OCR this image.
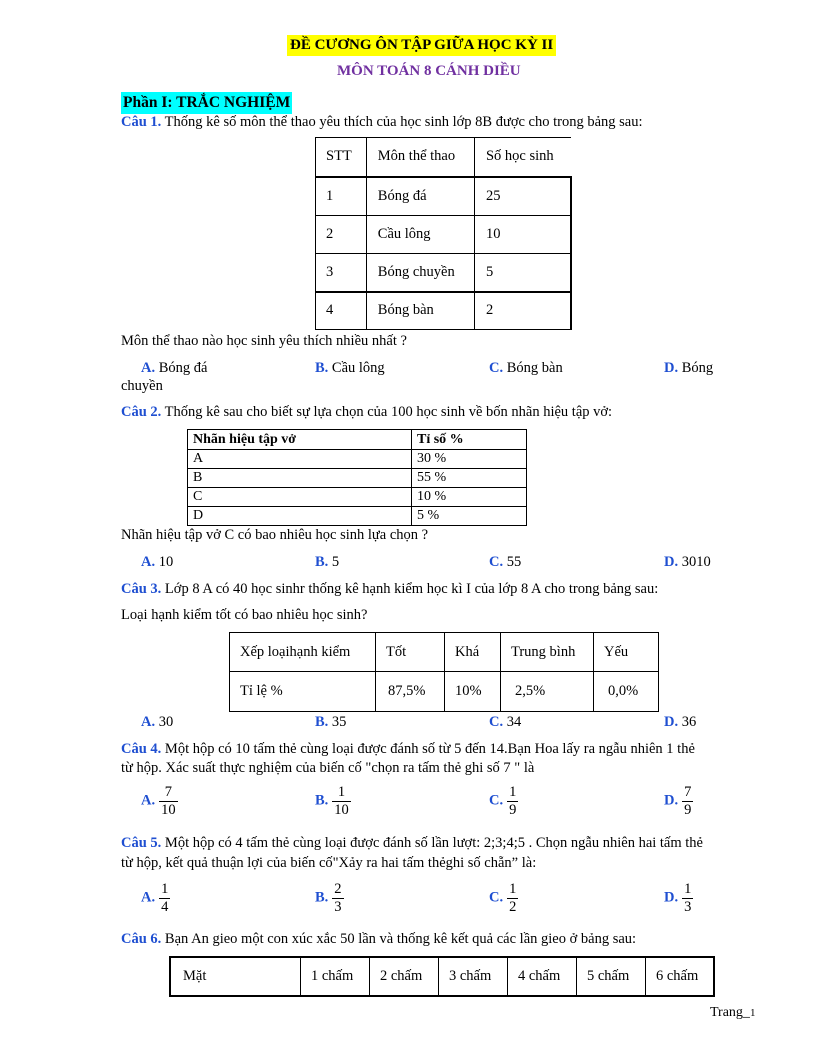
ĐỀ CƯƠNG ÔN TẬP GIỮA HỌC KỲ II
MÔN TOÁN 8 CÁNH DIỀU
Phần I: TRẮC NGHIỆM
Câu 1. Thống kê số môn thể thao yêu thích của học sinh lớp 8B được cho trong bảng sau:
STT	Môn thể thao	Số học sinh
1	Bóng đá	25
2	Cầu lông	10
3	Bóng chuyền	5
4	Bóng bàn	2
Môn thể thao nào học sinh yêu thích nhiều nhất ?
A. Bóng đá	B. Cầu lông	C. Bóng bàn	D. Bóng
chuyền
Câu 2. Thống kê sau cho biết sự lựa chọn của 100 học sinh về bốn nhãn hiệu tập vở:
Nhãn hiệu tập vở	Tỉ số %
A	30 %
B	55 %
C	10 %
D	5 %
Nhãn hiệu tập vở C có bao nhiêu học sinh lựa chọn ?
A. 10	B. 5	C. 55	D. 3010
Câu 3. Lớp 8 A có 40 học sinhr thống kê hạnh kiểm học kì I của lớp 8 A cho trong bảng sau:
Loại hạnh kiểm tốt có bao nhiêu học sinh?
Xếp loạihạnh kiểm	Tốt	Khá	Trung bình	Yếu
Tỉ lệ %	87,5%	10%	2,5%	0,0%
A. 30	B. 35	C. 34	D. 36
Câu 4. Một hộp có 10 tấm thẻ cùng loại được đánh số từ 5 đến 14.Bạn Hoa lấy ra ngẫu nhiên 1 thẻ
từ hộp. Xác suất thực nghiệm của biến cố "chọn ra tấm thẻ ghi số 7 " là
A. $\frac{7}{10}$	B. $\frac{1}{10}$	C. $\frac{1}{9}$	D. $\frac{7}{9}$
Câu 5. Một hộp có 4 tấm thẻ cùng loại được đánh số lần lượt: 2;3;4;5 . Chọn ngẫu nhiên hai tấm thẻ
từ hộp, kết quả thuận lợi của biến cố"Xảy ra hai tấm thẻghi số chẵn” là:
A. $\frac{1}{4}$	B. $\frac{2}{3}$	C. $\frac{1}{2}$	D. $\frac{1}{3}$
Câu 6. Bạn An gieo một con xúc xắc 50 lần và thống kê kết quả các lần gieo ở bảng sau:
Mặt	1 chấm	2 chấm	3 chấm	4 chấm	5 chấm	6 chấm
Trang_1
